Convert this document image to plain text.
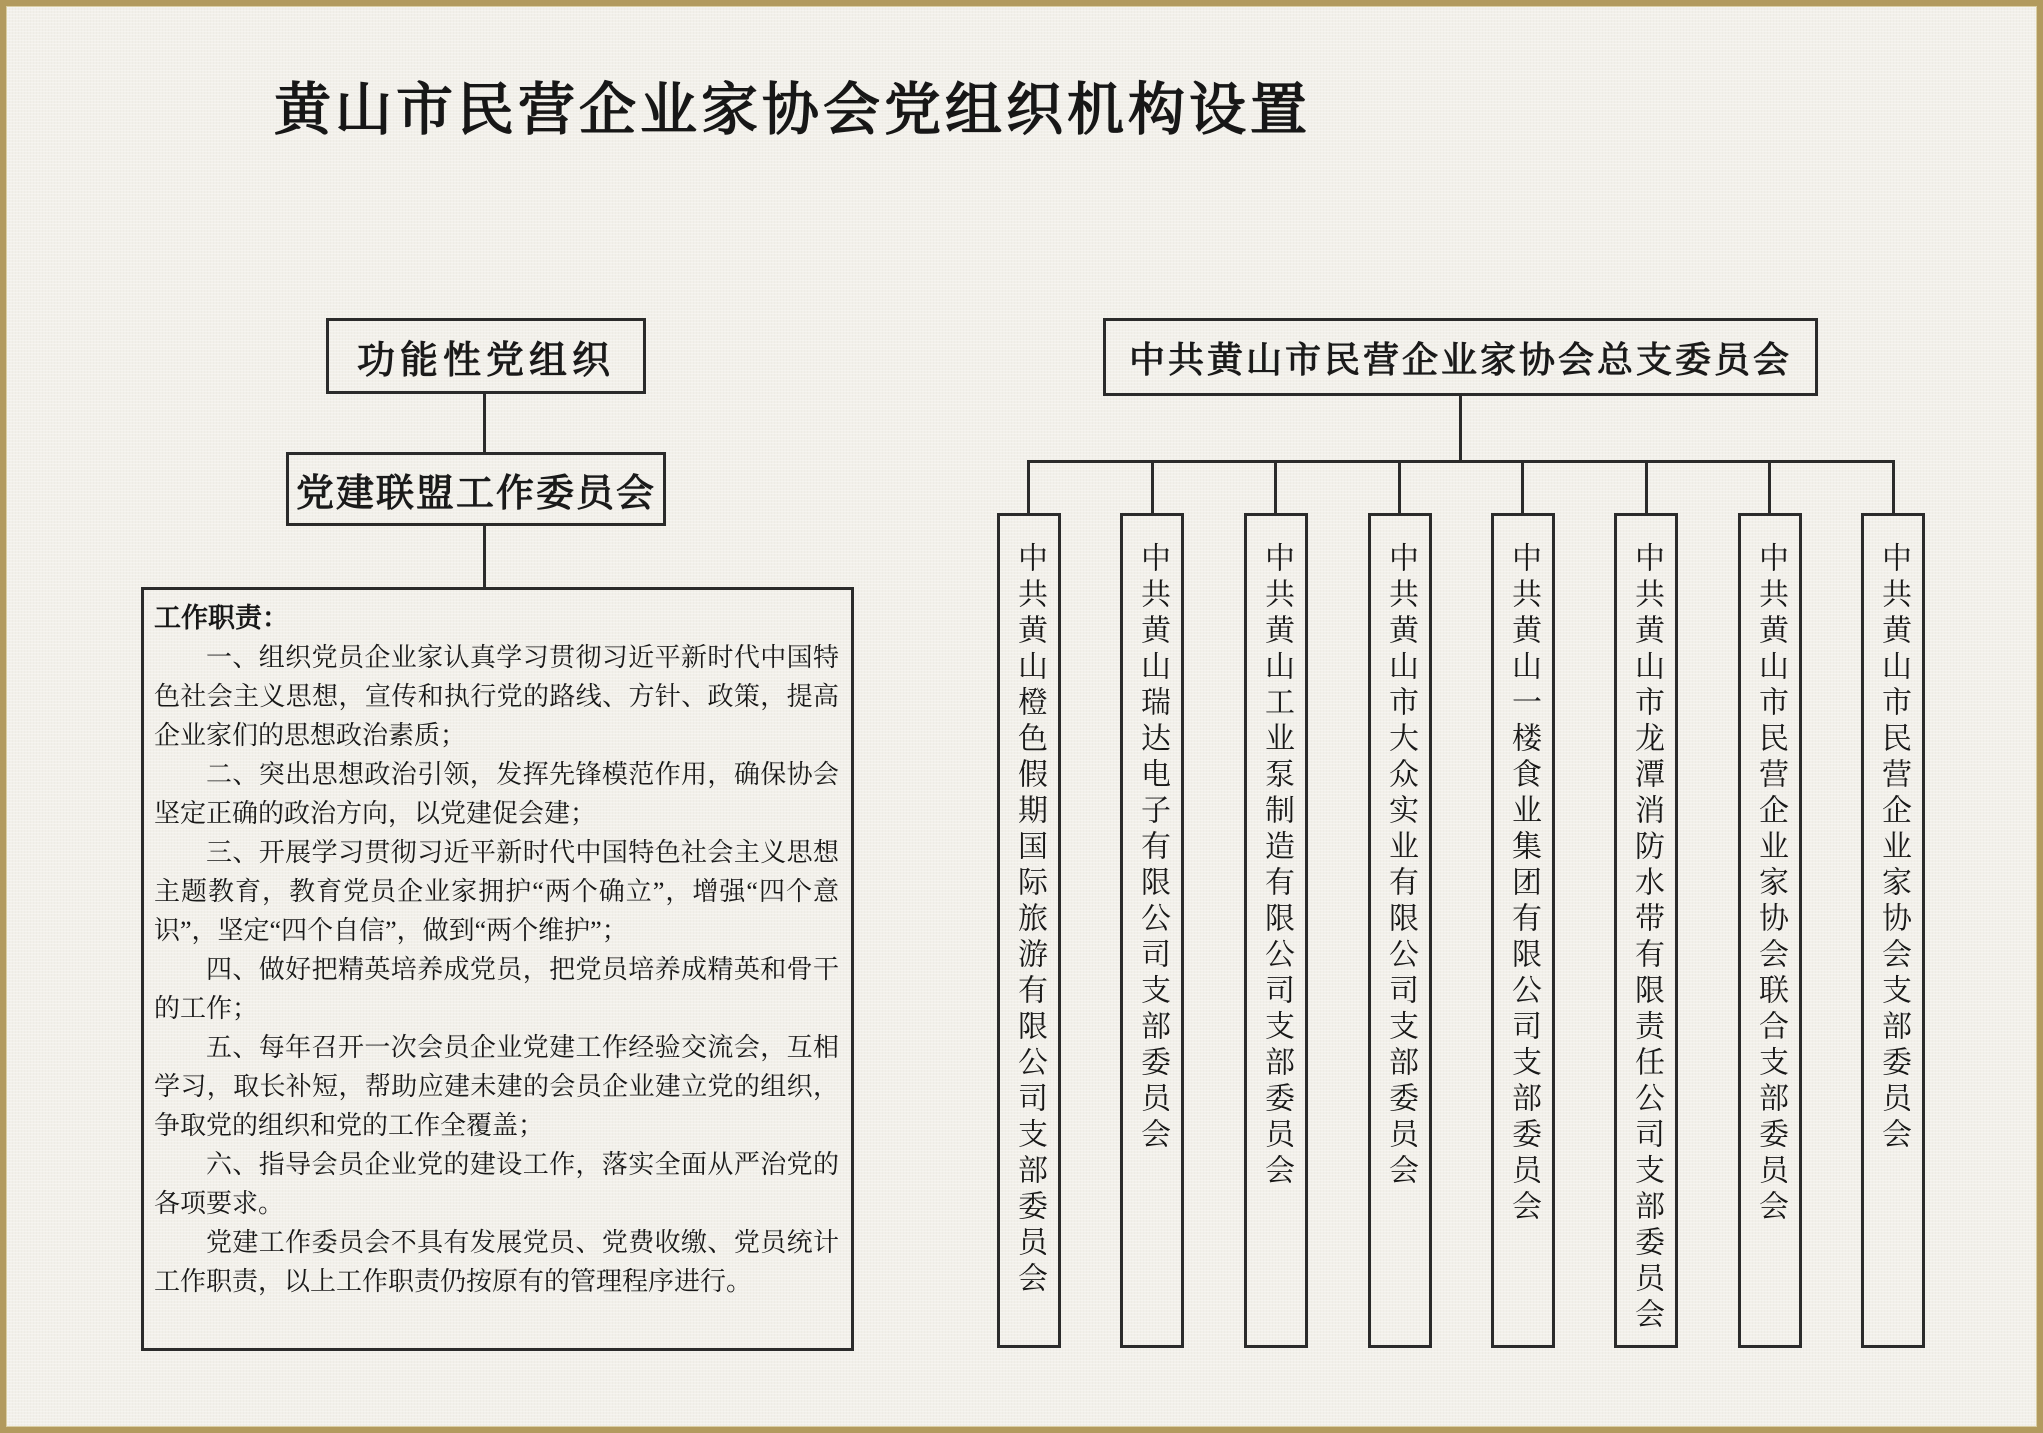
黄山市民营企业家协会党组织机构设置
功能性党组织
党建联盟工作委员会

工作职责：

一、组织党员企业家认真学习贯彻习近平新时代中国特色社会主义思想，宣传和执行党的路线、方针、政策，提高企业家们的思想政治素质；

二、突出思想政治引领，发挥先锋模范作用，确保协会坚定正确的政治方向，以党建促会建；

三、开展学习贯彻习近平新时代中国特色社会主义思想主题教育，教育党员企业家拥护“两个确立”，增强“四个意识”，坚定“四个自信”，做到“两个维护”；

四、做好把精英培养成党员，把党员培养成精英和骨干的工作；

五、每年召开一次会员企业党建工作经验交流会，互相学习，取长补短，帮助应建未建的会员企业建立党的组织，争取党的组织和党的工作全覆盖；

六、指导会员企业党的建设工作，落实全面从严治党的各项要求。

党建工作委员会不具有发展党员、党费收缴、党员统计工作职责，以上工作职责仍按原有的管理程序进行。

中共黄山市民营企业家协会总支委员会
中共黄山橙色假期国际旅游有限公司支部委员会	中共黄山瑞达电子有限公司支部委员会	中共黄山工业泵制造有限公司支部委员会	中共黄山市大众实业有限公司支部委员会	中共黄山一楼食业集团有限公司支部委员会	中共黄山市龙潭消防水带有限责任公司支部委员会	中共黄山市民营企业家协会联合支部委员会	中共黄山市民营企业家协会支部委员会
